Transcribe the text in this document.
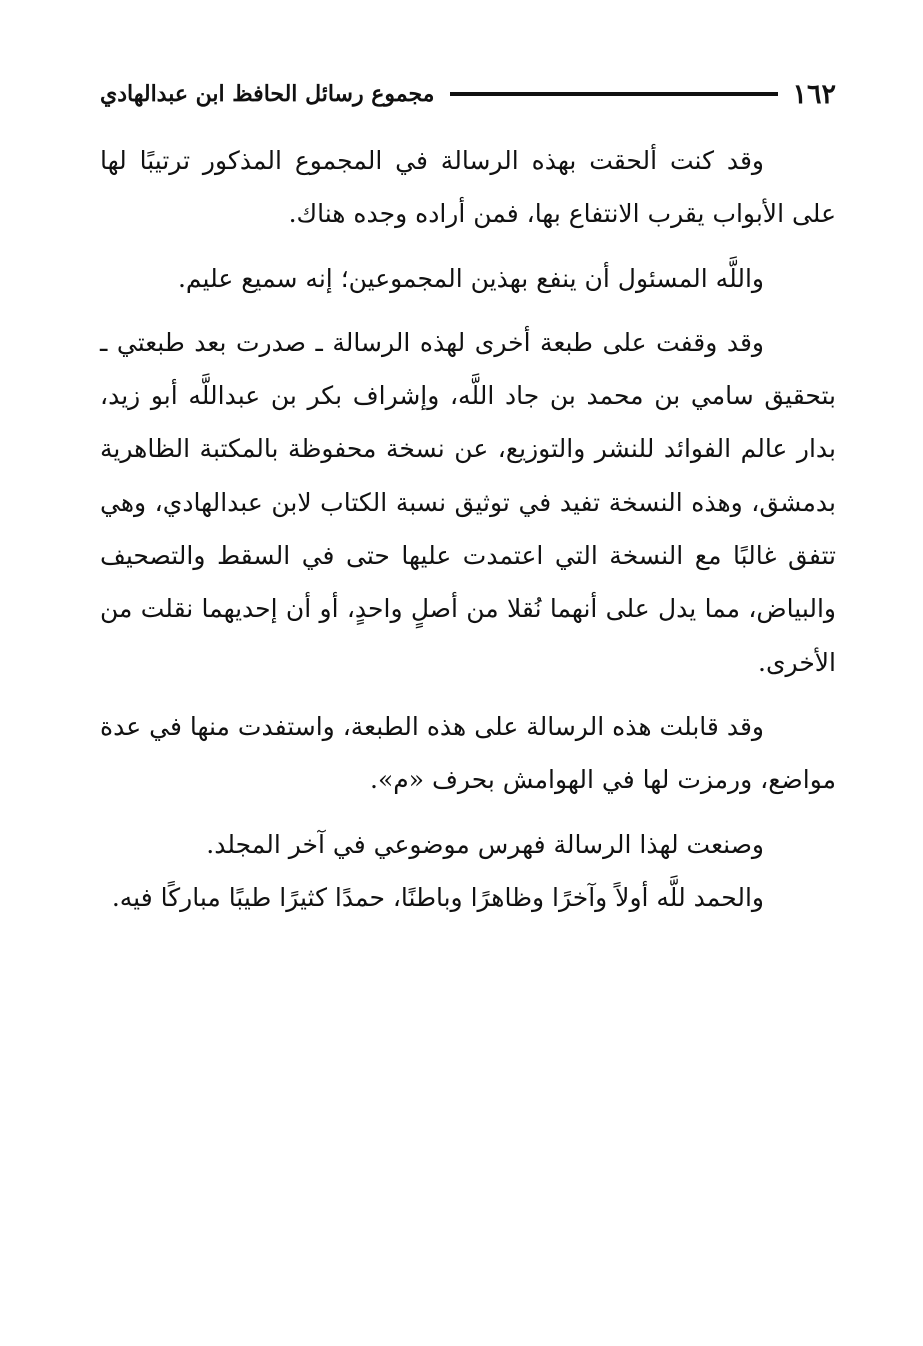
١٦٢
مجموع رسائل الحافظ ابن عبدالهادي

وقد كنت ألحقت بهذه الرسالة في المجموع المذكور ترتيبًا لها على الأبواب يقرب الانتفاع بها، فمن أراده وجده هناك.

واللَّه المسئول أن ينفع بهذين المجموعين؛ إنه سميع عليم.

وقد وقفت على طبعة أخرى لهذه الرسالة ـ صدرت بعد طبعتي ـ بتحقيق سامي بن محمد بن جاد اللَّه، وإشراف بكر بن عبداللَّه أبو زيد، بدار عالم الفوائد للنشر والتوزيع، عن نسخة محفوظة بالمكتبة الظاهرية بدمشق، وهذه النسخة تفيد في توثيق نسبة الكتاب لابن عبدالهادي، وهي تتفق غالبًا مع النسخة التي اعتمدت عليها حتى في السقط والتصحيف والبياض، مما يدل على أنهما نُقلا من أصلٍ واحدٍ، أو أن إحديهما نقلت من الأخرى.

وقد قابلت هذه الرسالة على هذه الطبعة، واستفدت منها في عدة مواضع، ورمزت لها في الهوامش بحرف «م».

وصنعت لهذا الرسالة فهرس موضوعي في آخر المجلد.

والحمد للَّه أولاً وآخرًا وظاهرًا وباطنًا، حمدًا كثيرًا طيبًا مباركًا فيه.
